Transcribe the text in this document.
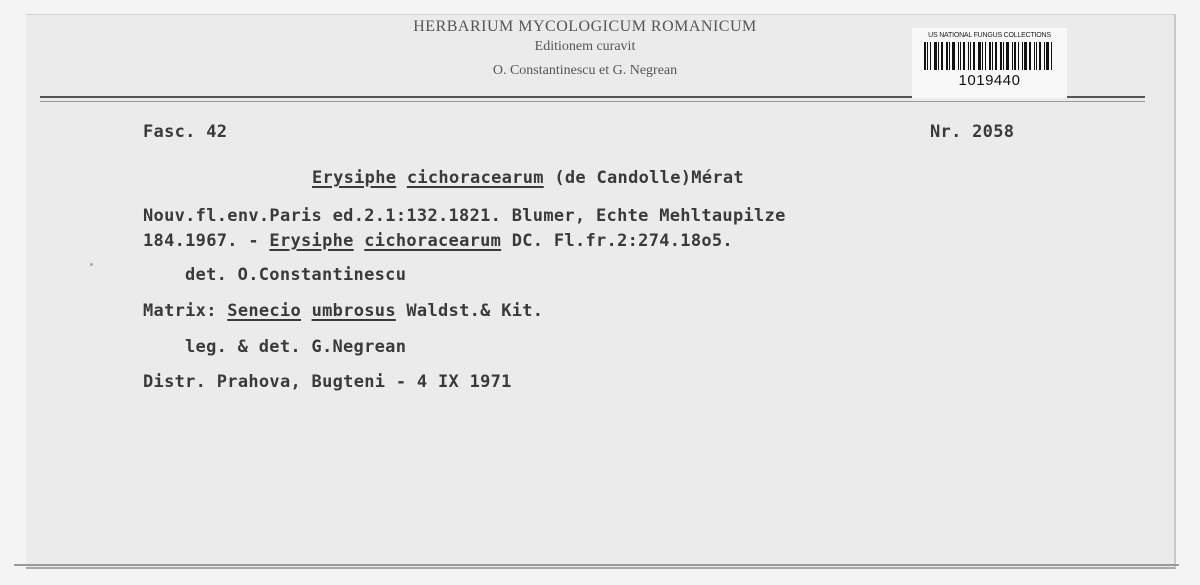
HERBARIUM MYCOLOGICUM ROMANICUM
Editionem curavit
O. Constantinescu et G. Negrean
US NATIONAL FUNGUS COLLECTIONS
1019440
Fasc. 42	Nr. 2058
Erysiphe cichoracearum (de Candolle)Mérat
Nouv.fl.env.Paris ed.2.1:132.1821. Blumer, Echte Mehltaupilze
184.1967. - Erysiphe cichoracearum DC. Fl.fr.2:274.18o5.
det. O.Constantinescu
Matrix: Senecio umbrosus Waldst.& Kit.
leg. & det. G.Negrean
Distr. Prahova, Bugteni - 4 IX 1971
